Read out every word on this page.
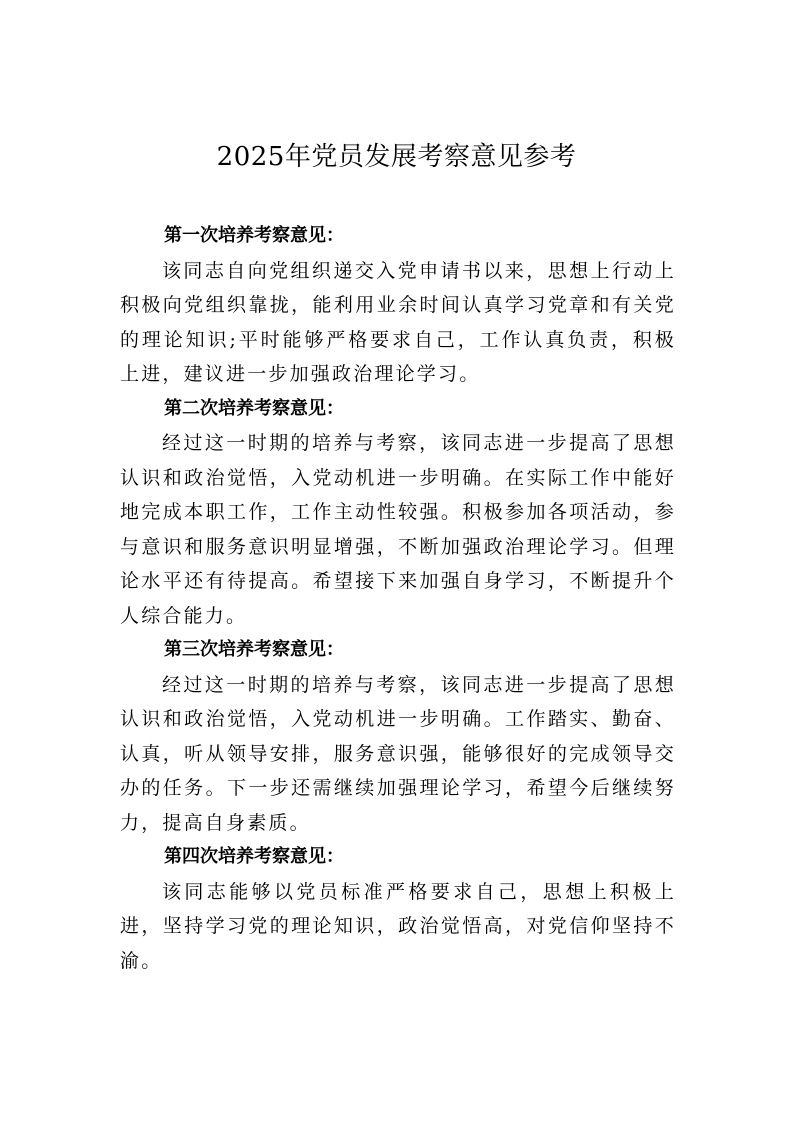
2025年党员发展考察意见参考

第一次培养考察意见：

该同志自向党组织递交入党申请书以来，思想上行动上积极向党组织靠拢，能利用业余时间认真学习党章和有关党的理论知识;平时能够严格要求自己，工作认真负责，积极上进，建议进一步加强政治理论学习。

第二次培养考察意见：

经过这一时期的培养与考察，该同志进一步提高了思想认识和政治觉悟，入党动机进一步明确。在实际工作中能好地完成本职工作，工作主动性较强。积极参加各项活动，参与意识和服务意识明显增强，不断加强政治理论学习。但理论水平还有待提高。希望接下来加强自身学习，不断提升个人综合能力。

第三次培养考察意见：

经过这一时期的培养与考察，该同志进一步提高了思想认识和政治觉悟，入党动机进一步明确。工作踏实、勤奋、认真，听从领导安排，服务意识强，能够很好的完成领导交办的任务。下一步还需继续加强理论学习，希望今后继续努力，提高自身素质。

第四次培养考察意见：

该同志能够以党员标准严格要求自己，思想上积极上进，坚持学习党的理论知识，政治觉悟高，对党信仰坚持不渝。
